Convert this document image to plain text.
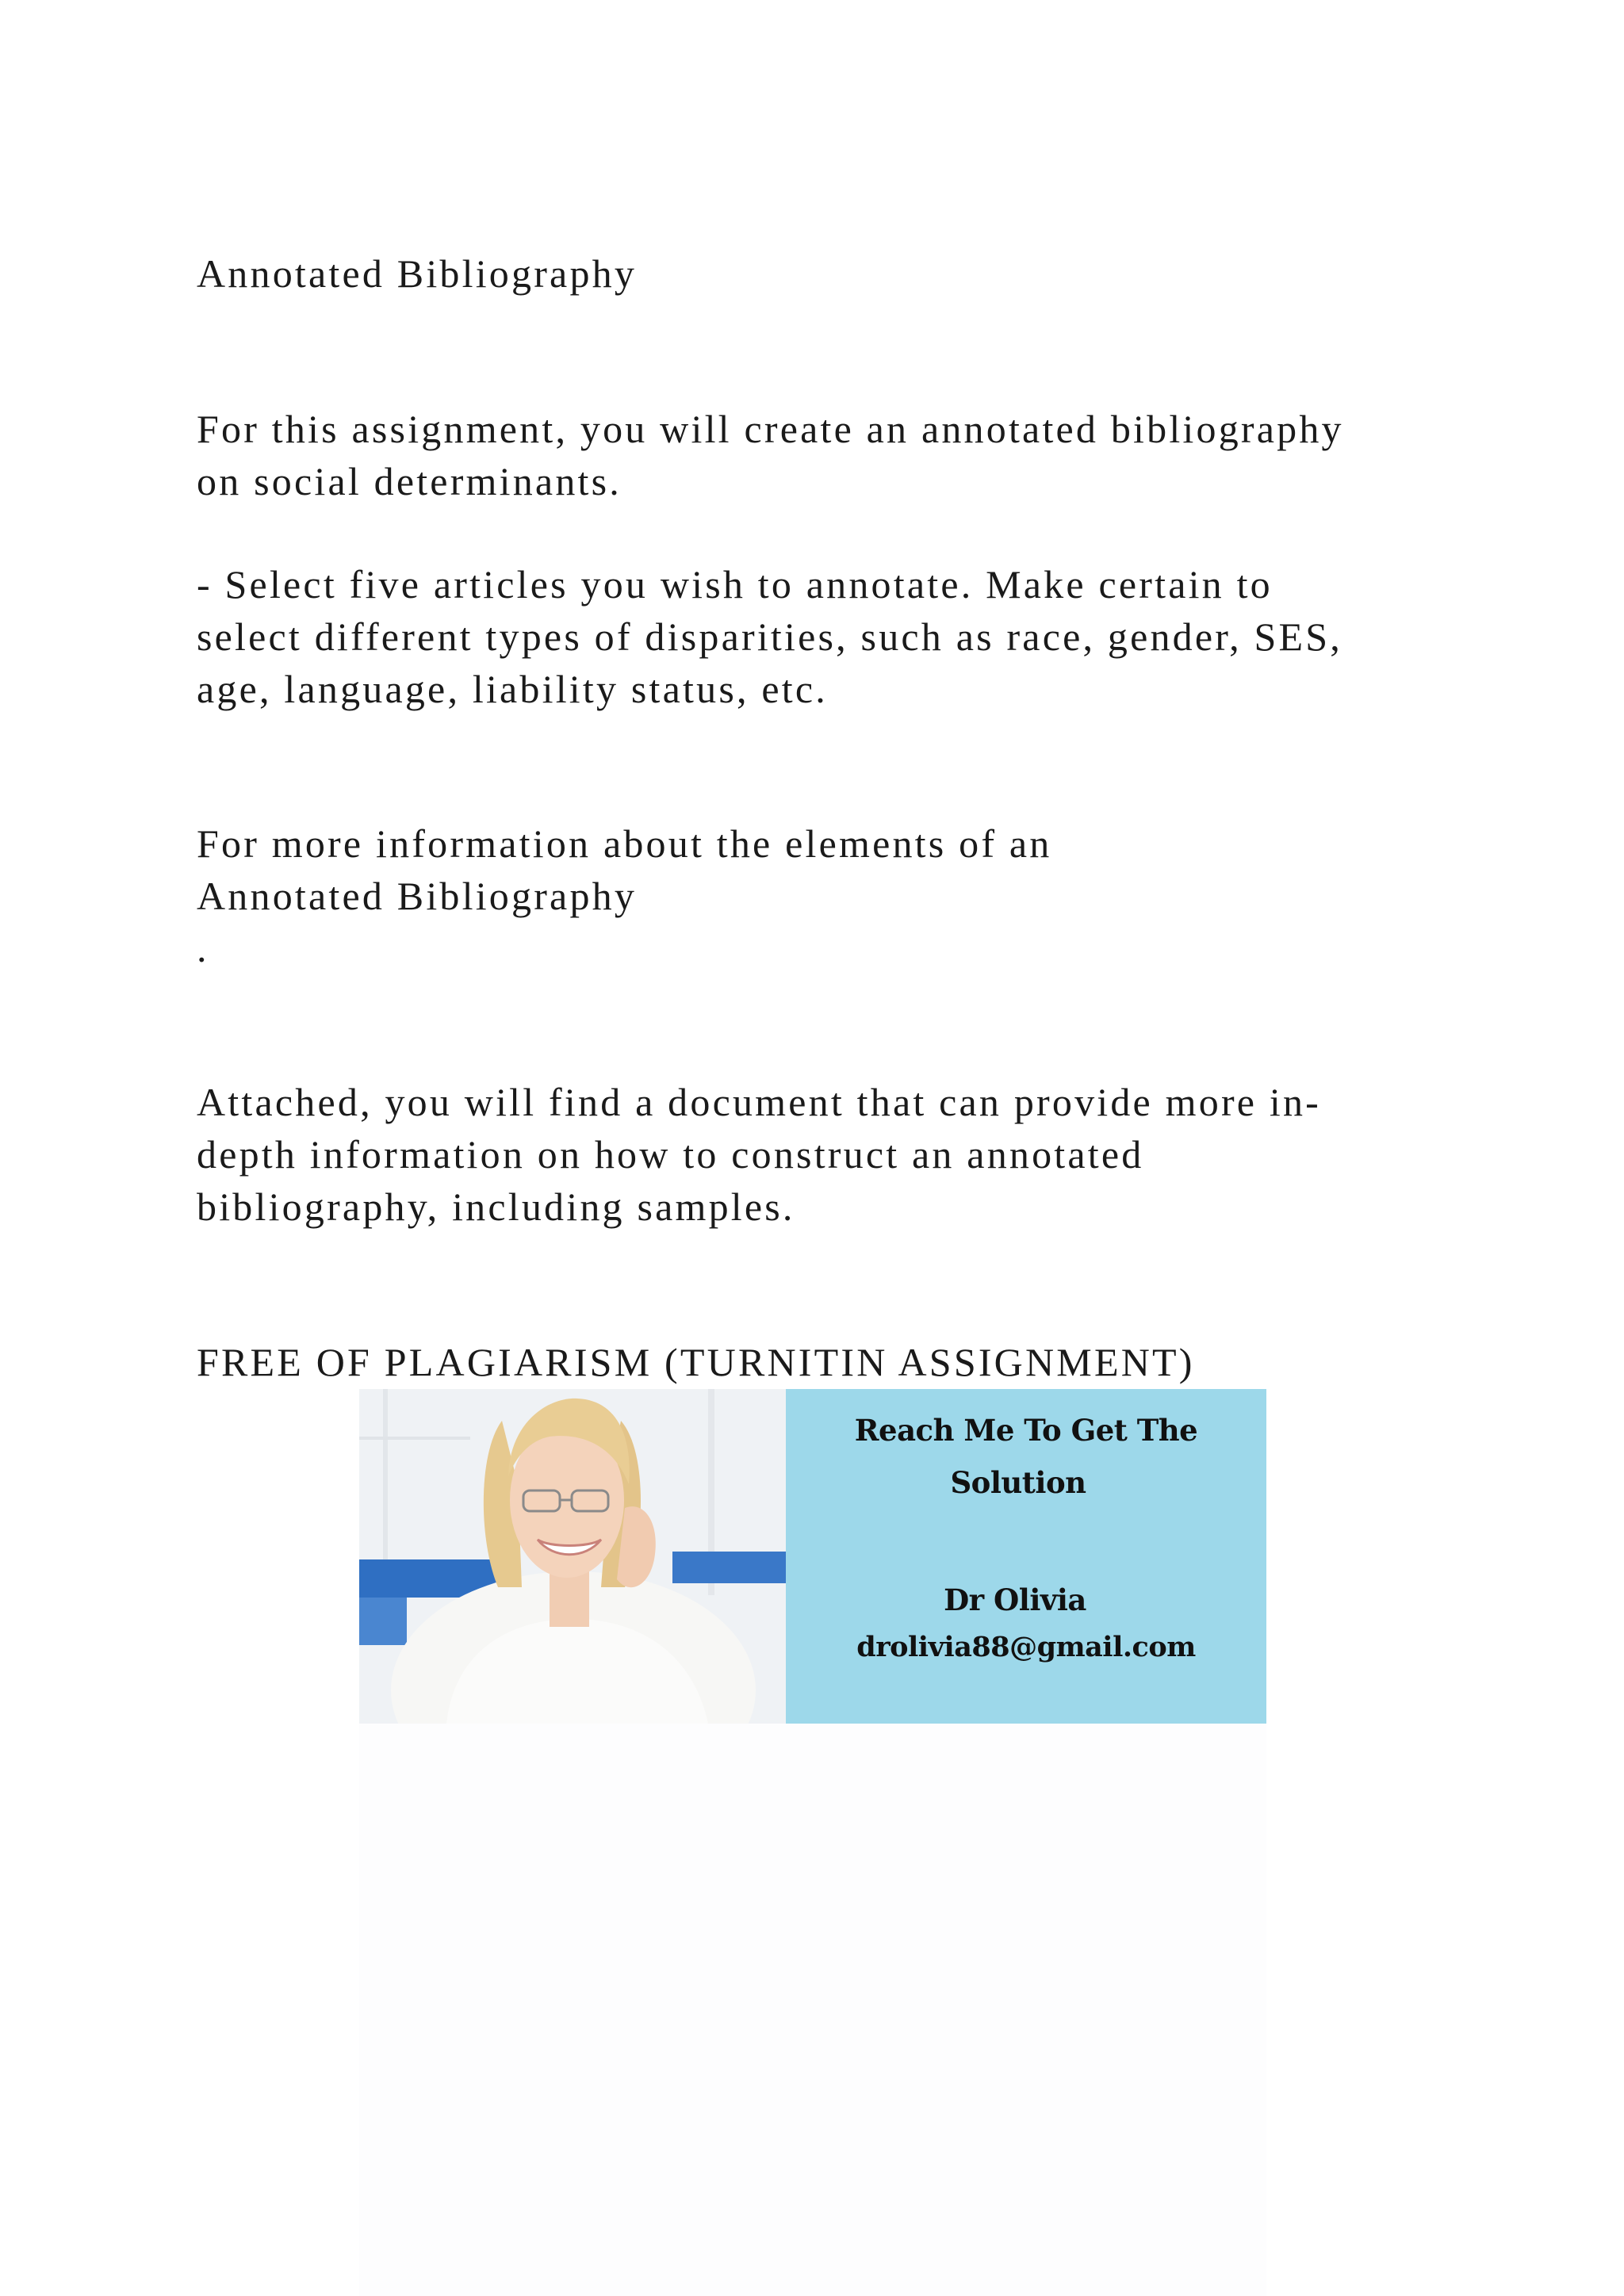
Annotated Bibliography
For this assignment, you will create an annotated bibliography
on social determinants.
- Select five articles you wish to annotate. Make certain to
select different types of disparities, such as race, gender, SES,
age, language, liability status, etc.
For more information about the elements of an
Annotated Bibliography
.
Attached, you will find a document that can provide more in-
depth information on how to construct an annotated
bibliography, including samples.
FREE OF PLAGIARISM (TURNITIN ASSIGNMENT)
Reach Me To Get The
Solution
Dr Olivia
drolivia88@gmail.com
